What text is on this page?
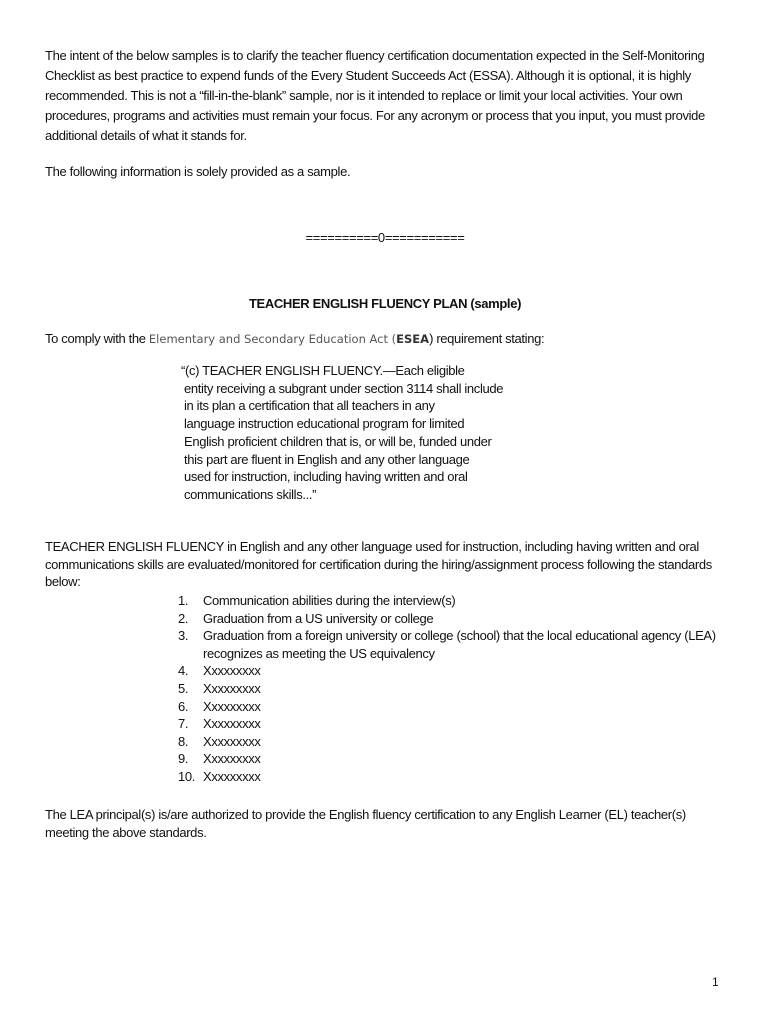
The intent of the below samples is to clarify the teacher fluency certification documentation expected in the Self-Monitoring Checklist as best practice to expend funds of the Every Student Succeeds Act (ESSA). Although it is optional, it is highly recommended. This is not a “fill-in-the-blank” sample, nor is it intended to replace or limit your local activities. Your own procedures, programs and activities must remain your focus. For any acronym or process that you input, you must provide additional details of what it stands for.

The following information is solely provided as a sample.

==========0===========

TEACHER ENGLISH FLUENCY PLAN (sample)

To comply with the Elementary and Secondary Education Act (ESEA) requirement stating:

“(c) TEACHER ENGLISH FLUENCY.—Each eligible
entity receiving a subgrant under section 3114 shall include
in its plan a certification that all teachers in any
language instruction educational program for limited
English proficient children that is, or will be, funded under
this part are fluent in English and any other language
used for instruction, including having written and oral
communications skills...”

TEACHER ENGLISH FLUENCY in English and any other language used for instruction, including having written and oral communications skills are evaluated/monitored for certification during the hiring/assignment process following the standards below:

1.	Communication abilities during the interview(s)
2.	Graduation from a US university or college
3.	Graduation from a foreign university or college (school) that the local educational agency (LEA) recognizes as meeting the US equivalency
4.	Xxxxxxxxx
5.	Xxxxxxxxx
6.	Xxxxxxxxx
7.	Xxxxxxxxx
8.	Xxxxxxxxx
9.	Xxxxxxxxx
10. Xxxxxxxxx

The LEA principal(s) is/are authorized to provide the English fluency certification to any English Learner (EL) teacher(s) meeting the above standards.

1
